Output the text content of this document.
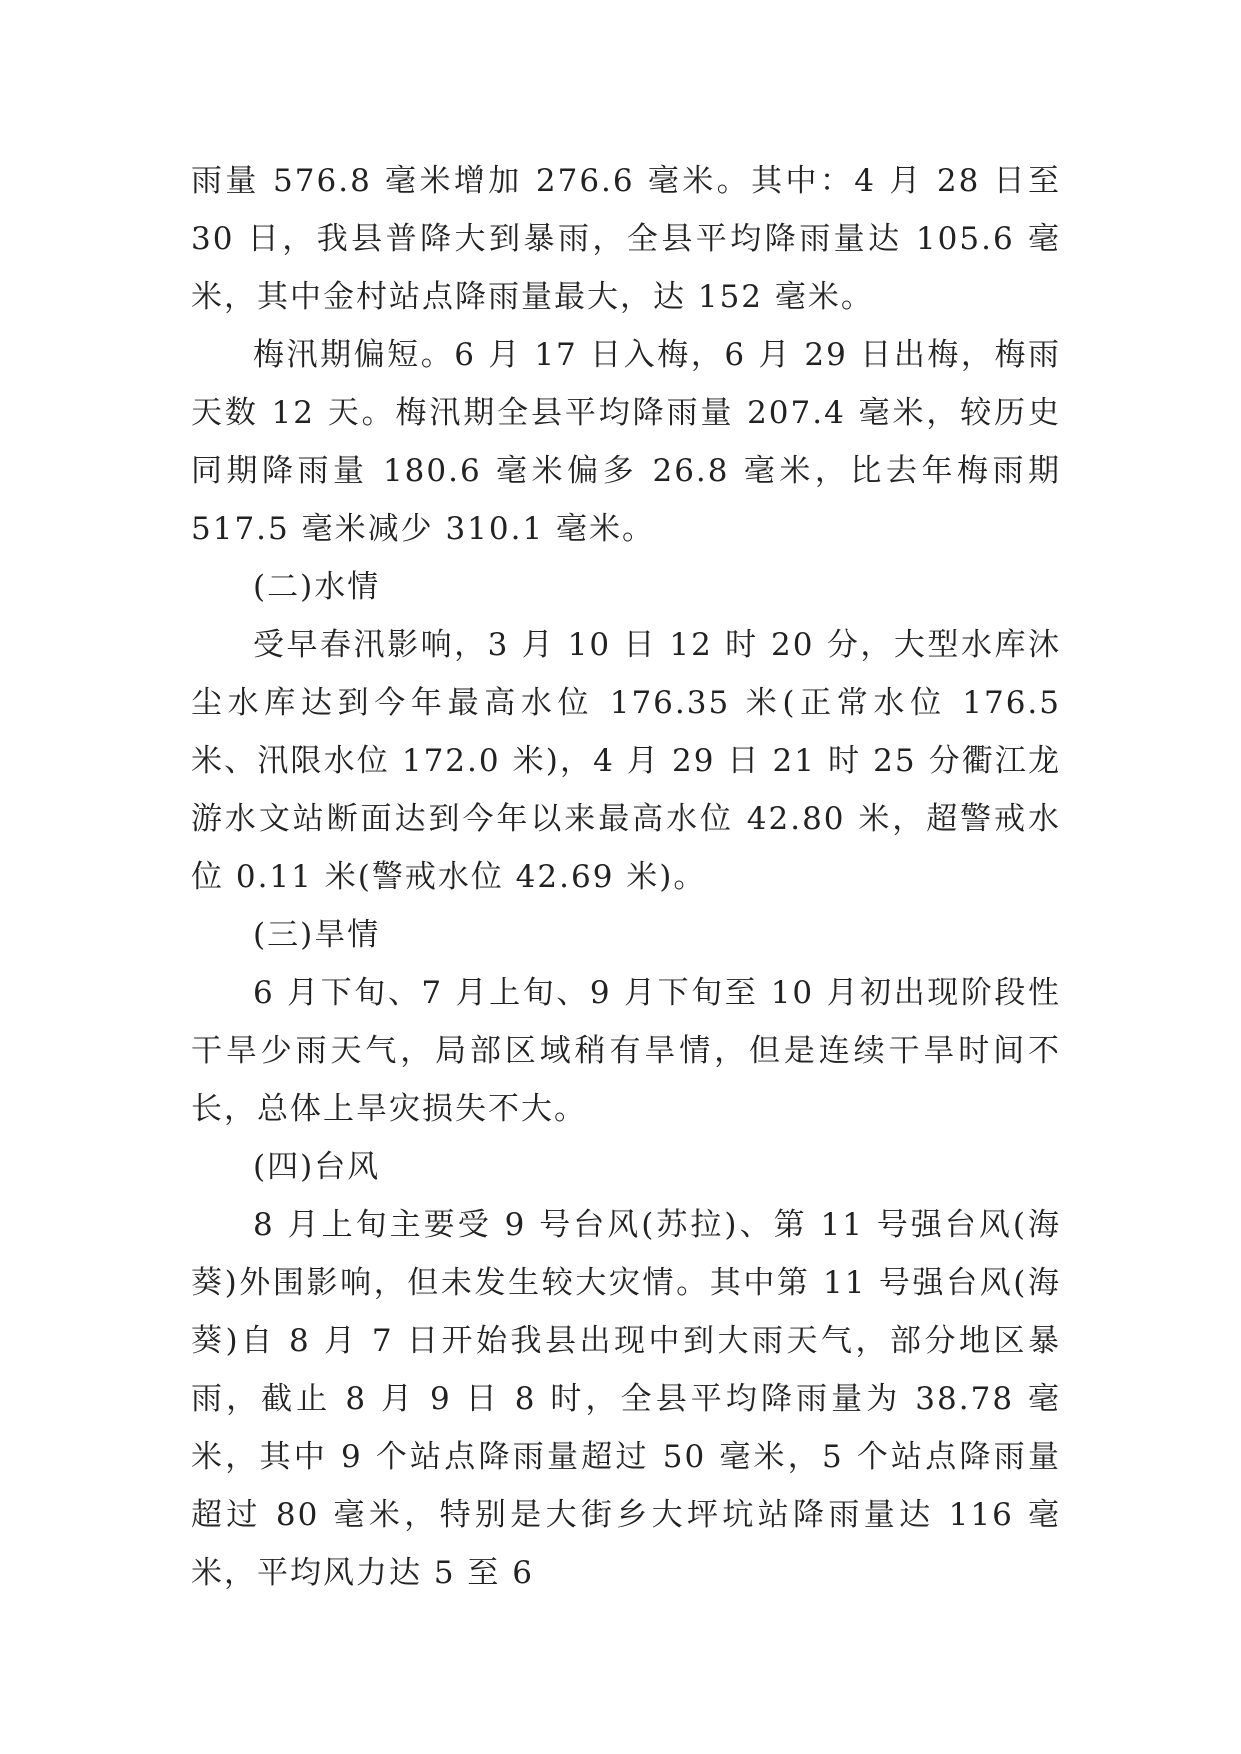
雨量 576.8 毫米增加 276.6 毫米。其中：4 月 28 日至 30 日，我县普降大到暴雨，全县平均降雨量达 105.6 毫米，其中金村站点降雨量最大，达 152 毫米。

梅汛期偏短。6 月 17 日入梅，6 月 29 日出梅，梅雨天数 12 天。梅汛期全县平均降雨量 207.4 毫米，较历史同期降雨量 180.6 毫米偏多 26.8 毫米，比去年梅雨期 517.5 毫米减少 310.1 毫米。

(二)水情

受早春汛影响，3 月 10 日 12 时 20 分，大型水库沐尘水库达到今年最高水位 176.35 米(正常水位 176.5 米、汛限水位 172.0 米)，4 月 29 日 21 时 25 分衢江龙游水文站断面达到今年以来最高水位 42.80 米，超警戒水位 0.11 米(警戒水位 42.69 米)。

(三)旱情

6 月下旬、7 月上旬、9 月下旬至 10 月初出现阶段性干旱少雨天气，局部区域稍有旱情，但是连续干旱时间不长，总体上旱灾损失不大。

(四)台风

8 月上旬主要受 9 号台风(苏拉)、第 11 号强台风(海葵)外围影响，但未发生较大灾情。其中第 11 号强台风(海葵)自 8 月 7 日开始我县出现中到大雨天气，部分地区暴雨，截止 8 月 9 日 8 时，全县平均降雨量为 38.78 毫米，其中 9 个站点降雨量超过 50 毫米，5 个站点降雨量超过 80 毫米，特别是大街乡大坪坑站降雨量达 116 毫米，平均风力达 5 至 6
